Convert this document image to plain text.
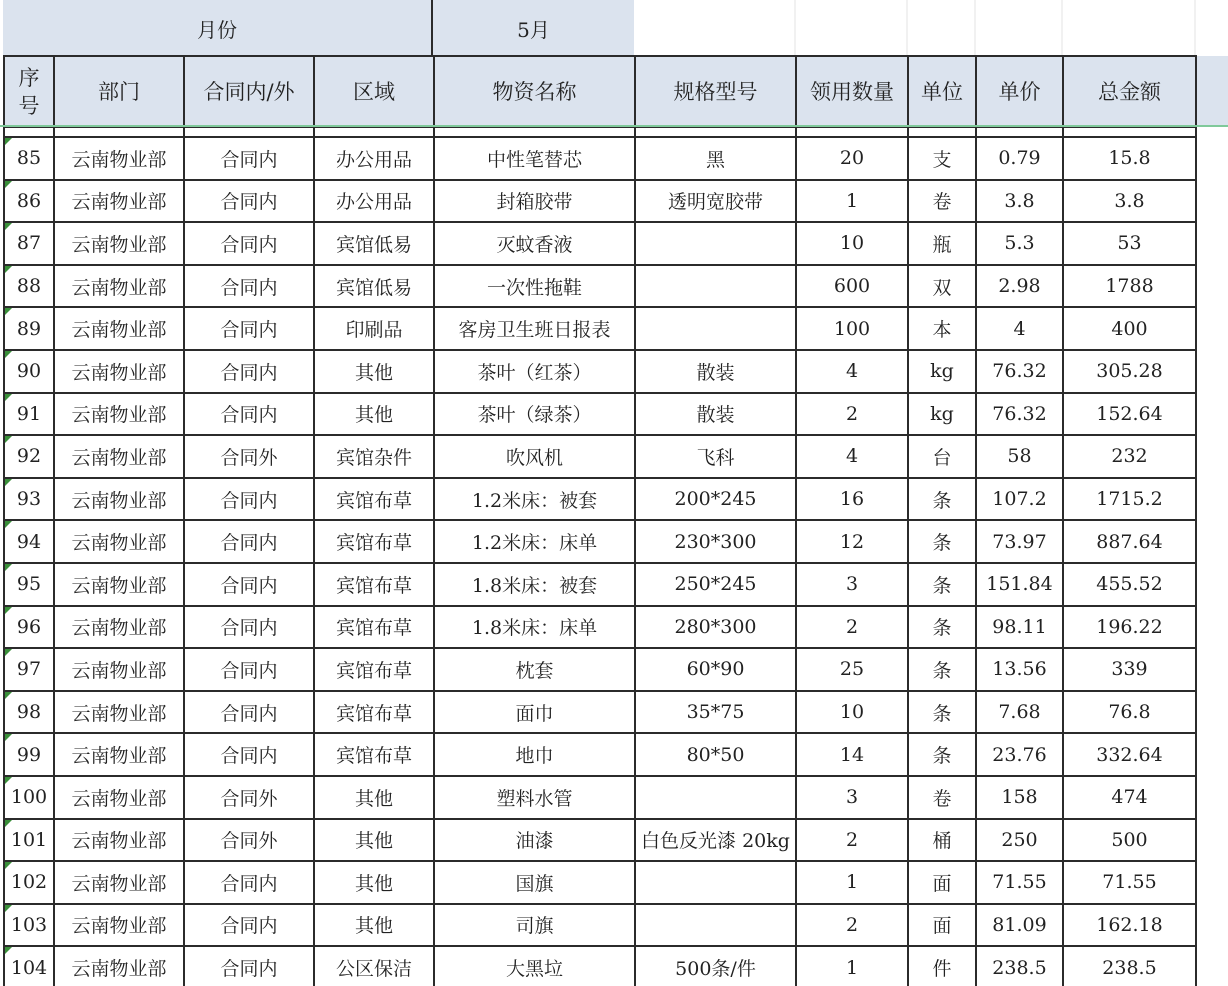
月份	5月
序号	部门	合同内/外	区域	物资名称	规格型号	领用数量	单位	单价	总金额

85	云南物业部	合同内	办公用品	中性笔替芯	黑	20	支	0.79	15.8
86	云南物业部	合同内	办公用品	封箱胶带	透明宽胶带	1	卷	3.8	3.8
87	云南物业部	合同内	宾馆低易	灭蚊香液		10	瓶	5.3	53
88	云南物业部	合同内	宾馆低易	一次性拖鞋		600	双	2.98	1788
89	云南物业部	合同内	印刷品	客房卫生班日报表		100	本	4	400
90	云南物业部	合同内	其他	茶叶（红茶）	散装	4	kg	76.32	305.28
91	云南物业部	合同内	其他	茶叶（绿茶）	散装	2	kg	76.32	152.64
92	云南物业部	合同外	宾馆杂件	吹风机	飞科	4	台	58	232
93	云南物业部	合同内	宾馆布草	1.2米床：被套	200*245	16	条	107.2	1715.2
94	云南物业部	合同内	宾馆布草	1.2米床：床单	230*300	12	条	73.97	887.64
95	云南物业部	合同内	宾馆布草	1.8米床：被套	250*245	3	条	151.84	455.52
96	云南物业部	合同内	宾馆布草	1.8米床：床单	280*300	2	条	98.11	196.22
97	云南物业部	合同内	宾馆布草	枕套	60*90	25	条	13.56	339
98	云南物业部	合同内	宾馆布草	面巾	35*75	10	条	7.68	76.8
99	云南物业部	合同内	宾馆布草	地巾	80*50	14	条	23.76	332.64
100	云南物业部	合同外	其他	塑料水管		3	卷	158	474
101	云南物业部	合同外	其他	油漆	白色反光漆 20kg	2	桶	250	500
102	云南物业部	合同内	其他	国旗		1	面	71.55	71.55
103	云南物业部	合同内	其他	司旗		2	面	81.09	162.18
104	云南物业部	合同内	公区保洁	大黑垃	500条/件	1	件	238.5	238.5
